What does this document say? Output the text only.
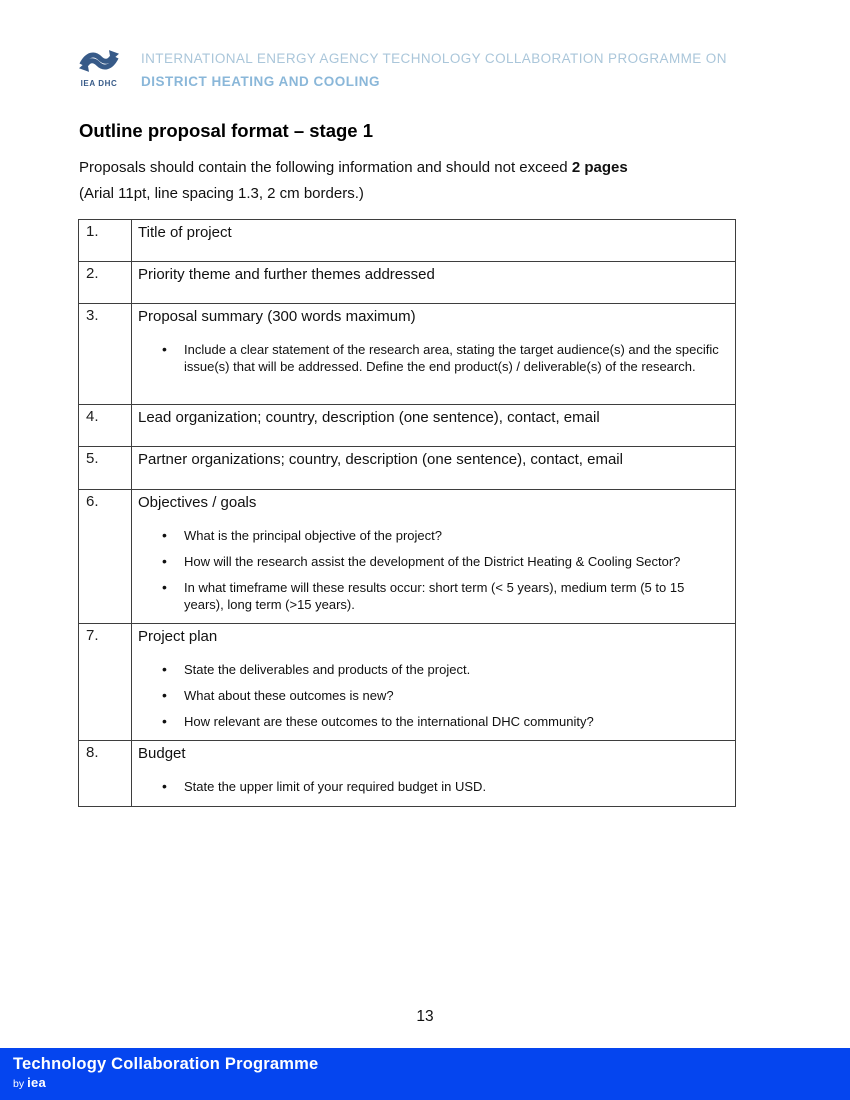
IEA DHC
INTERNATIONAL ENERGY AGENCY TECHNOLOGY COLLABORATION PROGRAMME ON
DISTRICT HEATING AND COOLING
Outline proposal format – stage 1

Proposals should contain the following information and should not exceed 2 pages
(Arial 11pt, line spacing 1.3, 2 cm borders.)

1.	Title of project

2.	Priority theme and further themes addressed

3.	Proposal summary (300 words maximum)
• Include a clear statement of the research area, stating the target audience(s) and the specific issue(s) that will be addressed. Define the end product(s) / deliverable(s) of the research.

4.	Lead organization; country, description (one sentence), contact, email

5.	Partner organizations; country, description (one sentence), contact, email

6.	Objectives / goals
• What is the principal objective of the project?
• How will the research assist the development of the District Heating & Cooling Sector?
• In what timeframe will these results occur: short term (< 5 years), medium term (5 to 15 years), long term (>15 years).

7.	Project plan
• State the deliverables and products of the project.
• What about these outcomes is new?
• How relevant are these outcomes to the international DHC community?

8.	Budget
• State the upper limit of your required budget in USD.
13
Technology Collaboration Programme
by iea
